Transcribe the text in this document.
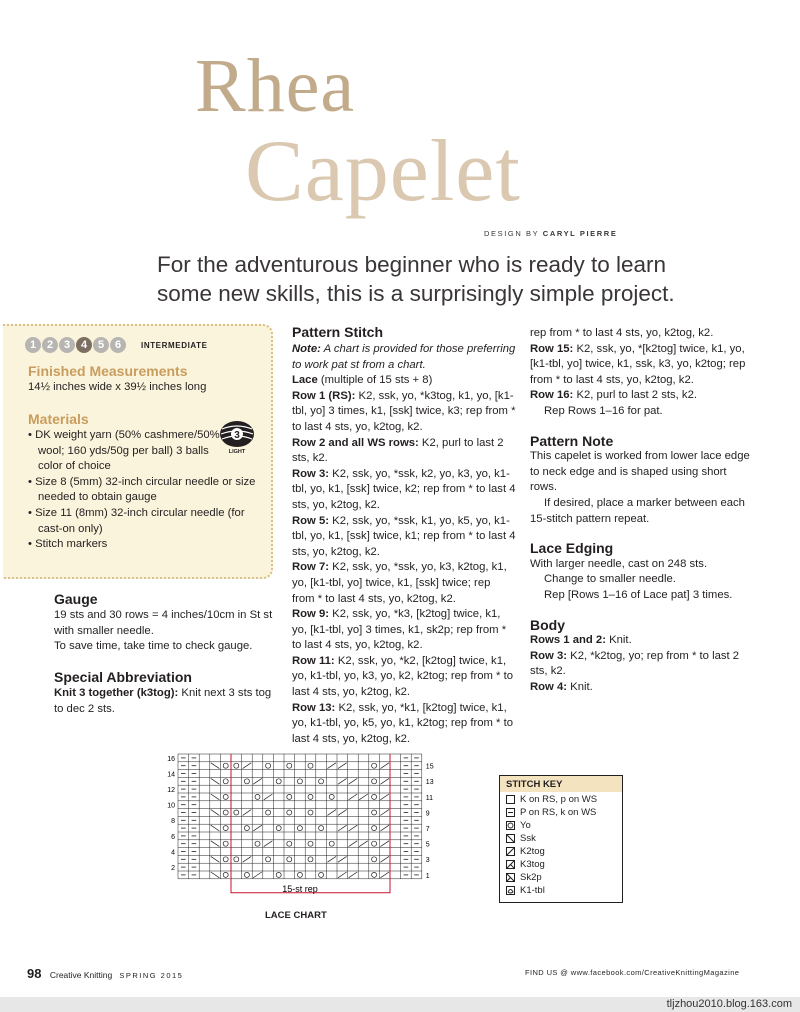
Rhea
Capelet
DESIGN BY CARYL PIERRE
For the adventurous beginner who is ready to learn some new skills, this is a surprisingly simple project.
1 2 3 4 5 6	INTERMEDIATE
Finished Measurements
14½ inches wide x 39½ inches long
Materials
3
LIGHT
• DK weight yarn (50% cashmere/50% wool; 160 yds/50g per ball) 3 balls color of choice
• Size 8 (5mm) 32-inch circular needle or size needed to obtain gauge
• Size 11 (8mm) 32-inch circular needle (for cast-on only)
• Stitch markers
Gauge

19 sts and 30 rows = 4 inches/10cm in St st with smaller needle.

To save time, take time to check gauge.

Special Abbreviation
Knit 3 together (k3tog): Knit next 3 sts tog to dec 2 sts.
Pattern Stitch

Note: A chart is provided for those preferring to work pat st from a chart.

Lace (multiple of 15 sts + 8)

Row 1 (RS): K2, ssk, yo, *k3tog, k1, yo, [k1-tbl, yo] 3 times, k1, [ssk] twice, k3; rep from * to last 4 sts, yo, k2tog, k2.

Row 2 and all WS rows: K2, purl to last 2 sts, k2.

Row 3: K2, ssk, yo, *ssk, k2, yo, k3, yo, k1-tbl, yo, k1, [ssk] twice, k2; rep from * to last 4 sts, yo, k2tog, k2.

Row 5: K2, ssk, yo, *ssk, k1, yo, k5, yo, k1-tbl, yo, k1, [ssk] twice, k1; rep from * to last 4 sts, yo, k2tog, k2.

Row 7: K2, ssk, yo, *ssk, yo, k3, k2tog, k1, yo, [k1-tbl, yo] twice, k1, [ssk] twice; rep from * to last 4 sts, yo, k2tog, k2.

Row 9: K2, ssk, yo, *k3, [k2tog] twice, k1, yo, [k1-tbl, yo] 3 times, k1, sk2p; rep from * to last 4 sts, yo, k2tog, k2.

Row 11: K2, ssk, yo, *k2, [k2tog] twice, k1, yo, k1-tbl, yo, k3, yo, k2, k2tog; rep from * to last 4 sts, yo, k2tog, k2.

Row 13: K2, ssk, yo, *k1, [k2tog] twice, k1, yo, k1-tbl, yo, k5, yo, k1, k2tog; rep from * to last 4 sts, yo, k2tog, k2.

rep from * to last 4 sts, yo, k2tog, k2.

Row 15: K2, ssk, yo, *[k2tog] twice, k1, yo, [k1-tbl, yo] twice, k1, ssk, k3, yo, k2tog; rep from * to last 4 sts, yo, k2tog, k2.

Row 16: K2, purl to last 2 sts, k2.

Rep Rows 1–16 for pat.

Pattern Note

This capelet is worked from lower lace edge to neck edge and is shaped using short rows.

If desired, place a marker between each 15-stitch pattern repeat.

Lace Edging

With larger needle, cast on 248 sts.

Change to smaller needle.

Rep [Rows 1–16 of Lace pat] 3 times.

Body

Rows 1 and 2: Knit.

Row 3: K2, *k2tog, yo; rep from * to last 2 sts, k2.

Row 4: Knit.

16
14
12
10
8
6
4
2
15
13
11
9
7
5
3
1
15-st rep
LACE CHART
STITCH KEY
K on RS, p on WS
P on RS, k on WS
Yo
Ssk
K2tog
K3tog
Sk2p
K1-tbl
98 Creative Knitting SPRING 2015	FIND US @ www.facebook.com/CreativeKnittingMagazine
tljzhou2010.blog.163.com
